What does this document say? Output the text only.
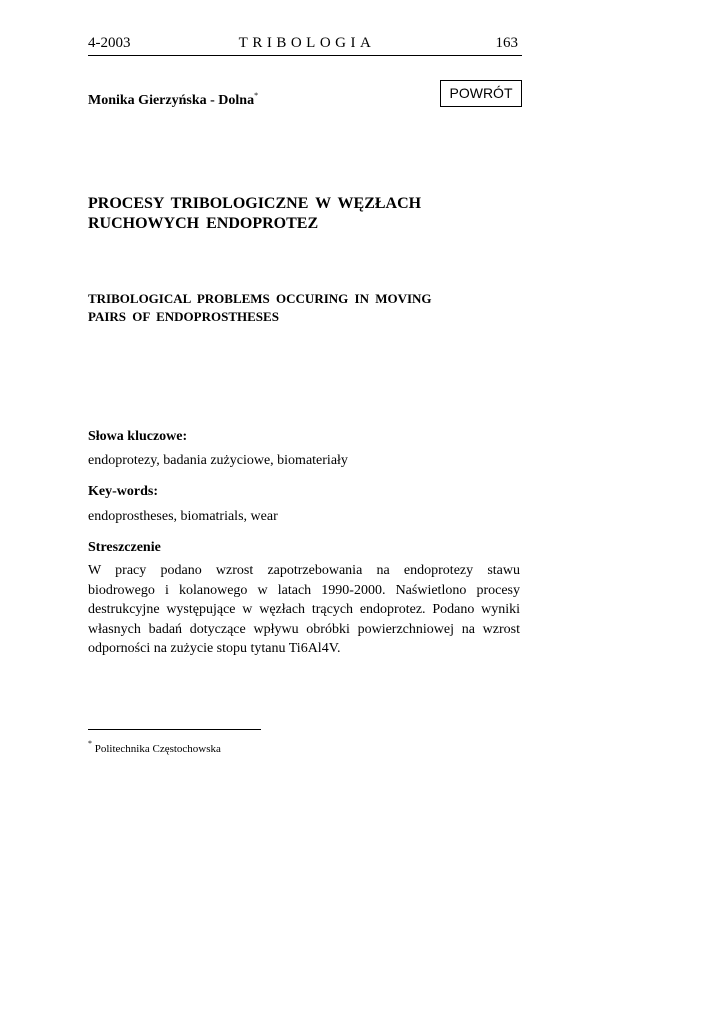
4-2003	TRIBOLOGIA	163
Monika Gierzyńska - Dolna*	POWRÓT
PROCESY TRIBOLOGICZNE W WĘZŁACH
RUCHOWYCH ENDOPROTEZ
TRIBOLOGICAL PROBLEMS OCCURING IN MOVING
PAIRS OF ENDOPROSTHESES
Słowa kluczowe:
endoprotezy, badania zużyciowe, biomateriały
Key-words:
endoprostheses, biomatrials, wear
Streszczenie

W pracy podano wzrost zapotrzebowania na endoprotezy stawu
biodrowego i kolanowego w latach 1990-2000. Naświetlono procesy
destrukcyjne występujące w węzłach trących endoprotez. Podano wyniki
własnych badań dotyczące wpływu obróbki powierzchniowej na wzrost
odporności na zużycie stopu tytanu Ti6Al4V.

* Politechnika Częstochowska
